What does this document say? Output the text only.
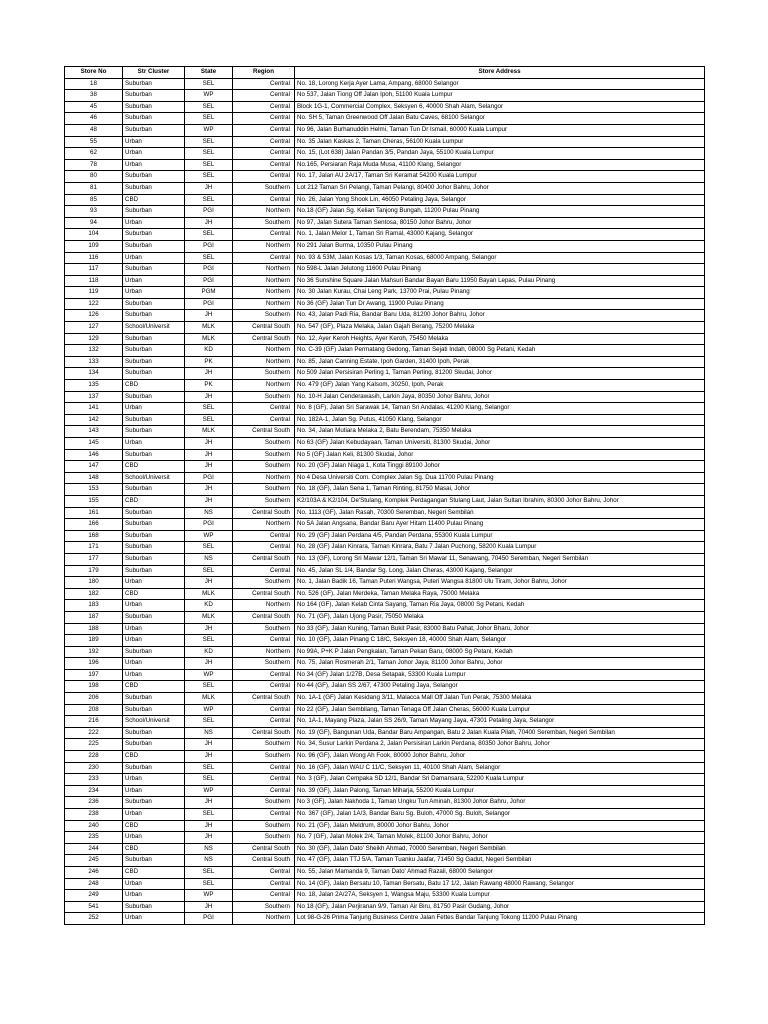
Store No	Str Cluster	State	Region	Store Address
18	Suburban	SEL	Central	No. 18, Lorong Kerja Ayer Lama, Ampang, 68000 Selangor
38	Suburban	WP	Central	No 537, Jalan Tiong Off Jalan Ipoh, 51100 Kuala Lumpur
45	Suburban	SEL	Central	Block 1G-1, Commercial Complex, Seksyen 6, 40000 Shah Alam, Selangor
46	Suburban	SEL	Central	No. SH 5, Taman Greenwood Off Jalan Batu Caves, 68100 Selangor
48	Suburban	WP	Central	No 96, Jalan Burhanuddin Helmi, Taman Tun Dr Ismail, 60000 Kuala Lumpur
55	Urban	SEL	Central	No. 35 Jalan Kaskas 2, Taman Cheras, 56100 Kuala Lumpur
62	Urban	SEL	Central	No. 15, (Lot 638) Jalan Pandan 3/5, Pandan Jaya, 55100 Kuala Lumpur
78	Urban	SEL	Central	No.165, Persiaran Raja Muda Musa, 41100 Klang, Selangor
80	Suburban	SEL	Central	No. 17, Jalan AU 2A/17, Taman Sri Keramat 54200 Kuala Lumpur
81	Suburban	JH	Southern	Lot 212 Taman Sri Pelangi, Taman Pelangi, 80400 Johor Bahru, Johor
85	CBD	SEL	Central	No. 26, Jalan Yong Shook Lin, 46050 Petaling Jaya, Selangor
93	Suburban	PGI	Northern	No.18 (GF) Jalan Sg. Kelian Tanjong Bungah, 11200 Pulau Pinang
94	Urban	JH	Southern	No 97, Jalan Sutera Taman Sentosa, 80150 Johor Bahru, Johor
104	Suburban	SEL	Central	No. 1, Jalan Melor 1, Taman Sri Ramal, 43000 Kajang, Selangor
109	Suburban	PGI	Northern	No 291 Jalan Burma, 10350 Pulau Pinang
116	Urban	SEL	Central	No. 93 & 53M, Jalan Kosas 1/3, Taman Kosas, 68000 Ampang, Selangor
117	Suburban	PGI	Northern	No 598-L Jalan Jelutong 11600 Pulau Pinang
118	Urban	PGI	Northern	No 36 Sunshine Square Jalan Mahsuri Bandar Bayan Baru 11950 Bayan Lepas, Pulau Pinang
119	Urban	PGM	Northern	No. 30 Jalan Kurau, Chai Leng Park, 13700 Prai, Pulau Pinang
122	Suburban	PGI	Northern	No 36 (GF) Jalan Tun Dr Awang, 11900 Pulau Pinang
126	Suburban	JH	Southern	No. 43, Jalan Padi Ria, Bandar Baru Uda, 81200 Johor Bahru, Johor
127	School/Universit	MLK	Central South	No. 547 (GF), Plaza Melaka, Jalan Gajah Berang, 75200 Melaka
129	Suburban	MLK	Central South	No. 12, Ayer Keroh Heights, Ayer Keroh, 75450 Melaka
132	Suburban	KD	Northern	No. C-39 (GF) Jalan Permatang Gedong, Taman Sejati Indah, 08000 Sg Petani, Kedah
133	Suburban	PK	Northern	No. 85, Jalan Canning Estate, Ipoh Garden, 31400 Ipoh, Perak
134	Suburban	JH	Southern	No 509 Jalan Persisiran Perling 1, Taman Perling, 81200 Skudai, Johor
135	CBD	PK	Northern	No. 479 (GF) Jalan Yang Kalsom, 30250, Ipoh, Perak
137	Suburban	JH	Southern	No. 10-H Jalan Cenderawasih, Larkin Jaya, 80350 Johor Bahru, Johor
141	Urban	SEL	Central	No. 8 (GF), Jalan Sri Sarawak 14, Taman Sri Andalas, 41200 Klang, Selangor
142	Suburban	SEL	Central	No. 182A-1, Jalan Sg. Putus, 41050 Klang, Selangor
143	Suburban	MLK	Central South	No. 34, Jalan Mutiara Melaka 2, Batu Berendam, 75350 Melaka
145	Urban	JH	Southern	No 63 (GF) Jalan Kebudayaan, Taman Universiti, 81300 Skudai, Johor
146	Suburban	JH	Southern	No 5 (GF) Jalan Keli, 81300 Skudai, Johor
147	CBD	JH	Southern	No. 20 (GF) Jalan Niaga 1, Kota Tinggi 89100 Johor
148	School/Universit	PGI	Northern	No 4 Desa Universiti Com. Complex Jalan Sg. Dua 11700 Pulau Pinang
153	Suburban	JH	Southern	No. 18 (GF), Jalan Sena 1, Taman Rinting, 81750 Masai, Johor
155	CBD	JH	Southern	K2/103A & K2/104, De'Stulang, Komplek Perdagangan Stulang Laut, Jalan Sultan Ibrahim, 80300 Johor Bahru, Johor
161	Suburban	NS	Central South	No. 1113 (GF), Jalan Rasah, 70300 Seremban, Negeri Sembilan
166	Suburban	PGI	Northern	No 5A Jalan Angsana, Bandar Baru Ayer Hitam 11400 Pulau Pinang
168	Suburban	WP	Central	No. 29 (GF) Jalan Perdana 4/5, Pandan Perdana, 55300 Kuala Lumpur
171	Suburban	SEL	Central	No. 28 (GF) Jalan Kinrara, Taman Kinrara, Batu 7 Jalan Puchong, 58200 Kuala Lumpur
177	Suburban	NS	Central South	No. 13 (GF), Lorong Sri Mawar 12/1, Taman Sri Mawar 11, Senawang, 70450 Seremban, Negeri Sembilan
179	Suburban	SEL	Central	No. 45, Jalan SL 1/4, Bandar Sg. Long, Jalan Cheras, 43000 Kajang, Selangor
180	Urban	JH	Southern	No. 1, Jalan Badik 16, Taman Puteri Wangsa, Puteri Wangsa 81800 Ulu Tiram, Johor Bahru, Johor
182	CBD	MLK	Central South	No. 526 (GF), Jalan Merdeka, Taman Melaka Raya, 75000 Melaka
183	Urban	KD	Northern	No 164 (GF), Jalan Kelab Cinta Sayang, Taman Ria Jaya, 08000 Sg Petani, Kedah
187	Suburban	MLK	Central South	No. 71 (GF), Jalan Ujong Pasir, 75050 Melaka
188	Urban	JH	Southern	No 33 (GF), Jalan Kuning, Taman Bukit Pasir, 83000 Batu Pahat, Johor Bharu, Johor
189	Urban	SEL	Central	No. 10 (GF), Jalan Pinang C 18/C, Seksyen 18, 40000 Shah Alam, Selangor
192	Suburban	KD	Northern	No 99A, P+K P Jalan Pengkalan, Taman Pekan Baru, 08000 Sg Petani, Kedah
196	Urban	JH	Southern	No. 75, Jalan Rosmerah 2/1, Taman Johor Jaya, 81100 Johor Bahru, Johor
197	Urban	WP	Central	No 34 (GF) Jalan 1/27B, Desa Setapak, 53300 Kuala Lumpur
198	CBD	SEL	Central	No 44 (GF), Jalan SS 2/67, 47300 Petaling Jaya, Selangor
206	Suburban	MLK	Central South	No. 1A-1 (GF) Jalan Kesidang 3/11, Malacca Mall Off Jalan Tun Perak, 75300 Melaka
208	Suburban	WP	Central	No 22 (GF), Jalan Sembilang, Taman Tenaga Off Jalan Cheras, 56000 Kuala Lumpur
216	School/Universit	SEL	Central	No. 1A-1, Mayang Plaza, Jalan SS 26/9, Taman Mayang Jaya, 47301 Petaling Jaya, Selangor
222	Suburban	NS	Central South	No. 19 (GF), Bangunan Uda, Bandar Baru Ampangan, Batu 2 Jalan Kuala Pilah, 70400 Seremban, Negeri Sembilan
225	Suburban	JH	Southern	No. 34, Susur Larkin Perdana 2, Jalan Persisiran Larkin Perdana, 80350 Johor Bahru, Johor
228	CBD	JH	Southern	No. 96 (GF), Jalan Wong Ah Fook, 80000 Johor Bahru, Johor
230	Suburban	SEL	Central	No. 16 (GF), Jalan WAU C 11/C, Seksyen 11, 40100 Shah Alam, Selangor
233	Urban	SEL	Central	No. 3 (GF), Jalan Cempaka SD 12/1, Bandar Sri Damansara, 52200 Kuala Lumpur
234	Urban	WP	Central	No. 39 (GF), Jalan Palong, Taman Miharja, 55200 Kuala Lumpur
236	Suburban	JH	Southern	No 3 (GF), Jalan Nakhoda 1, Taman Ungku Tun Aminah, 81300 Johor Bahru, Johor
238	Urban	SEL	Central	No. 367 (GF), Jalan 1A/3, Bandar Baru Sg. Buloh, 47000 Sg. Buloh, Selangor
240	CBD	JH	Southern	No. 21 (GF), Jalan Meldrum, 80000 Johor Bahru, Johor
235	Urban	JH	Southern	No. 7 (GF), Jalan Molek 2/4, Taman Molek, 81100 Johor Bahru, Johor
244	CBD	NS	Central South	No. 30 (GF), Jalan Dato' Sheikh Ahmad, 70000 Seremban, Negeri Sembilan
245	Suburban	NS	Central South	No. 47 (GF), Jalan TTJ 5/A, Taman Tuanku Jaafar, 71450 Sg Gadut, Negeri Sembilan
246	CBD	SEL	Central	No. 55, Jalan Mamanda 9, Taman Dato' Ahmad Razali, 68000 Selangor
248	Urban	SEL	Central	No. 14 (GF), Jalan Bersatu 10, Taman Bersatu, Batu 17 1/2, Jalan Rawang 48000 Rawang, Selangor
249	Urban	WP	Central	No. 18, Jalan 2A/27A, Seksyen 1, Wangsa Maju, 53300 Kuala Lumpur
541	Suburban	JH	Southern	No 18 (GF), Jalan Perjiranan 9/9, Taman Air Biru, 81750 Pasir Gudang, Johor
252	Urban	PGI	Northern	Lot 98-G-26 Prima Tanjung Business Centre Jalan Fettes Bandar Tanjung Tokong 11200 Pulau Pinang
